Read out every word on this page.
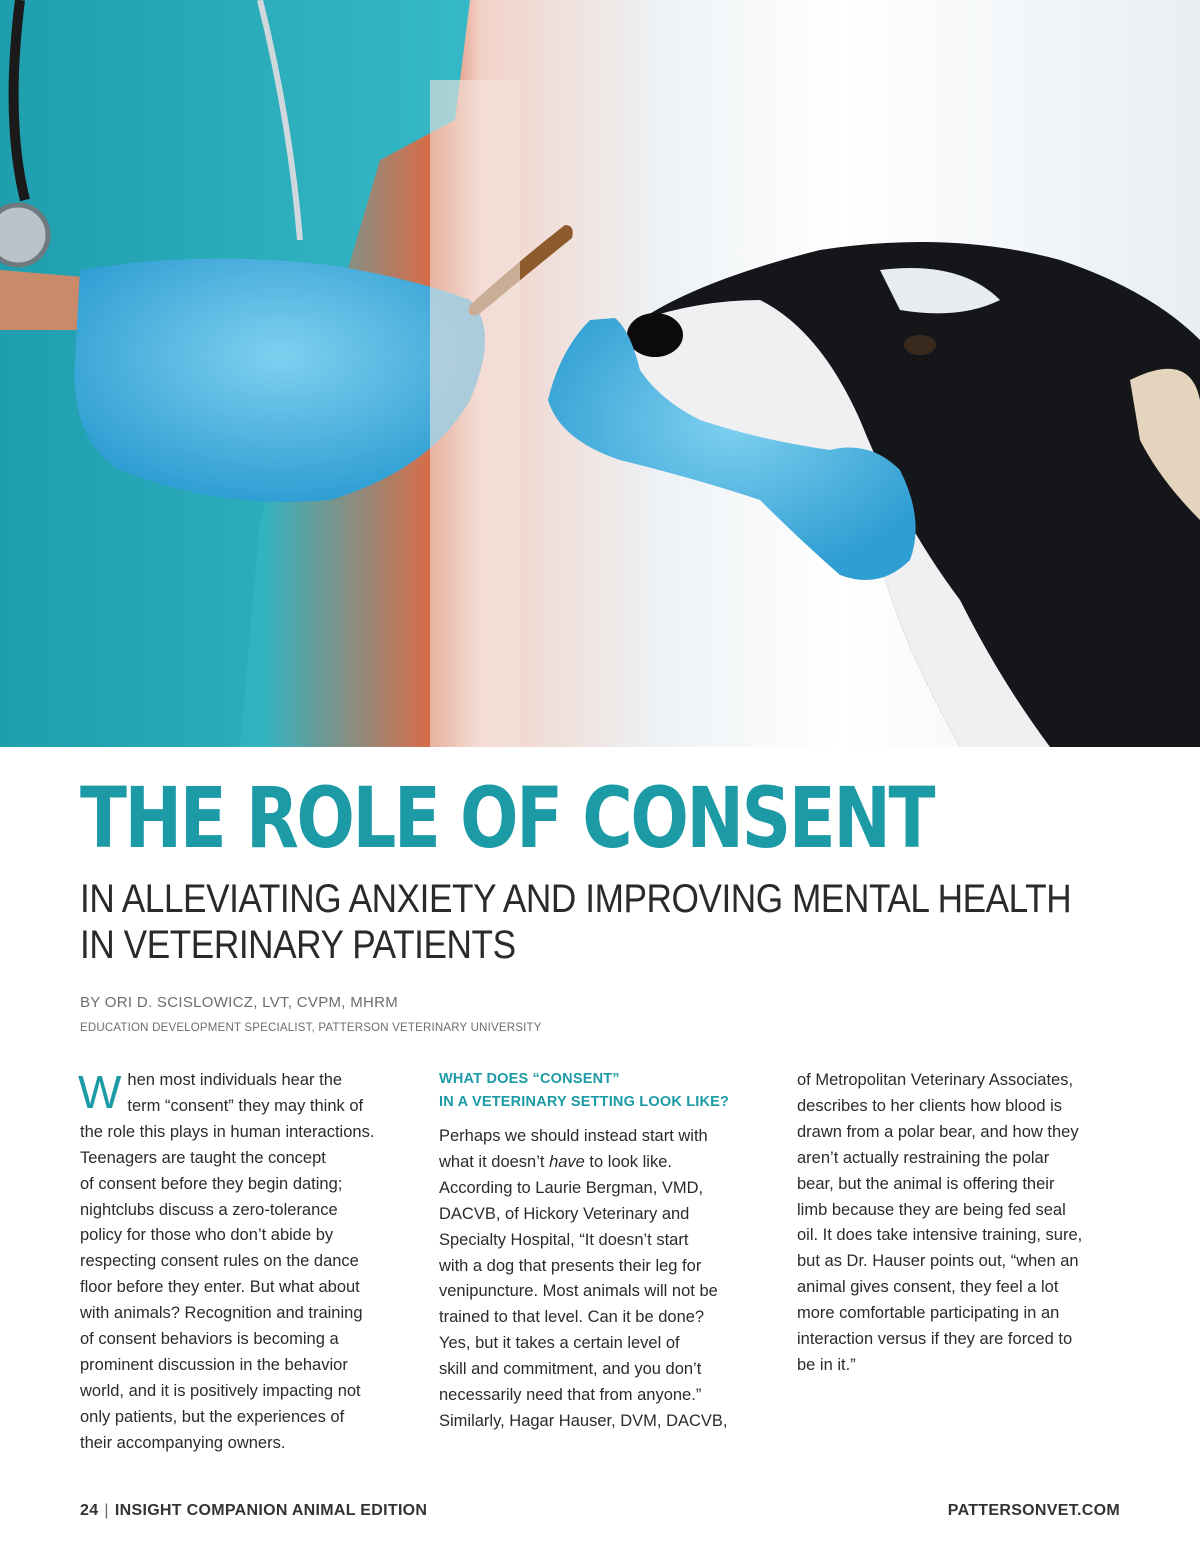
THE ROLE OF CONSENT
IN ALLEVIATING ANXIETY AND IMPROVING MENTAL HEALTH
IN VETERINARY PATIENTS
BY ORI D. SCISLOWICZ, LVT, CVPM, MHRM
EDUCATION DEVELOPMENT SPECIALIST, PATTERSON VETERINARY UNIVERSITY
W hen most individuals hear the
term “consent” they may think of
the role this plays in human interactions.
Teenagers are taught the concept
of consent before they begin dating;
nightclubs discuss a zero-tolerance
policy for those who don’t abide by
respecting consent rules on the dance
floor before they enter. But what about
with animals? Recognition and training
of consent behaviors is becoming a
prominent discussion in the behavior
world, and it is positively impacting not
only patients, but the experiences of
their accompanying owners.

WHAT DOES “CONSENT”
IN A VETERINARY SETTING LOOK LIKE?

Perhaps we should instead start with
what it doesn’t have to look like.
According to Laurie Bergman, VMD,
DACVB, of Hickory Veterinary and
Specialty Hospital, “It doesn’t start
with a dog that presents their leg for
venipuncture. Most animals will not be
trained to that level. Can it be done?
Yes, but it takes a certain level of
skill and commitment, and you don’t
necessarily need that from anyone.”
Similarly, Hagar Hauser, DVM, DACVB,

of Metropolitan Veterinary Associates,
describes to her clients how blood is
drawn from a polar bear, and how they
aren’t actually restraining the polar
bear, but the animal is offering their
limb because they are being fed seal
oil. It does take intensive training, sure,
but as Dr. Hauser points out, “when an
animal gives consent, they feel a lot
more comfortable participating in an
interaction versus if they are forced to
be in it.”

24 | INSIGHT COMPANION ANIMAL EDITION	PATTERSONVET.COM
